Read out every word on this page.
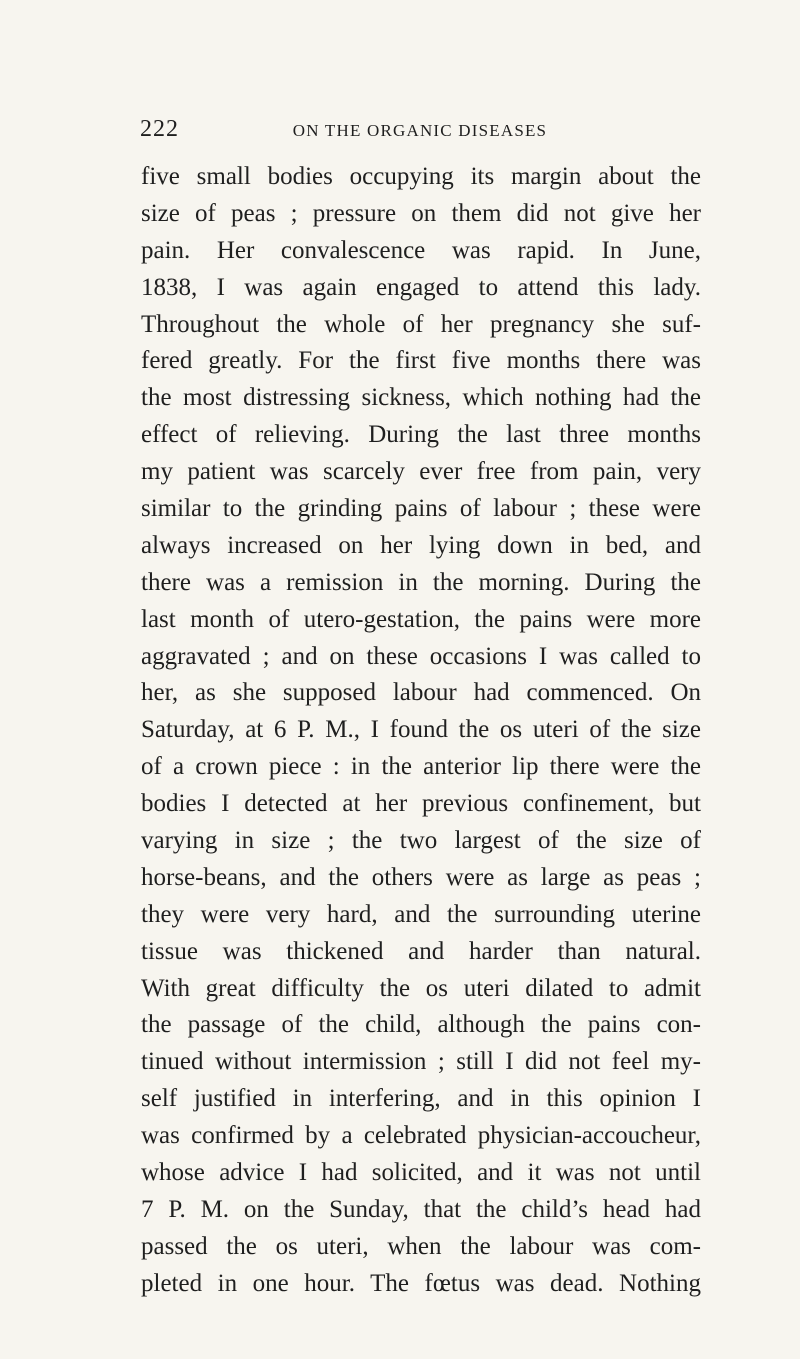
222	ON THE ORGANIC DISEASES
five small bodies occupying its margin about the
size of peas ; pressure on them did not give her
pain. Her convalescence was rapid. In June,
1838, I was again engaged to attend this lady.
Throughout the whole of her pregnancy she suf-
fered greatly. For the first five months there was
the most distressing sickness, which nothing had the
effect of relieving. During the last three months
my patient was scarcely ever free from pain, very
similar to the grinding pains of labour ; these were
always increased on her lying down in bed, and
there was a remission in the morning. During the
last month of utero-gestation, the pains were more
aggravated ; and on these occasions I was called to
her, as she supposed labour had commenced. On
Saturday, at 6 P. M., I found the os uteri of the size
of a crown piece : in the anterior lip there were the
bodies I detected at her previous confinement, but
varying in size ; the two largest of the size of
horse-beans, and the others were as large as peas ;
they were very hard, and the surrounding uterine
tissue was thickened and harder than natural.
With great difficulty the os uteri dilated to admit
the passage of the child, although the pains con-
tinued without intermission ; still I did not feel my-
self justified in interfering, and in this opinion I
was confirmed by a celebrated physician-accoucheur,
whose advice I had solicited, and it was not until
7 P. M. on the Sunday, that the child’s head had
passed the os uteri, when the labour was com-
pleted in one hour. The fœtus was dead. Nothing
